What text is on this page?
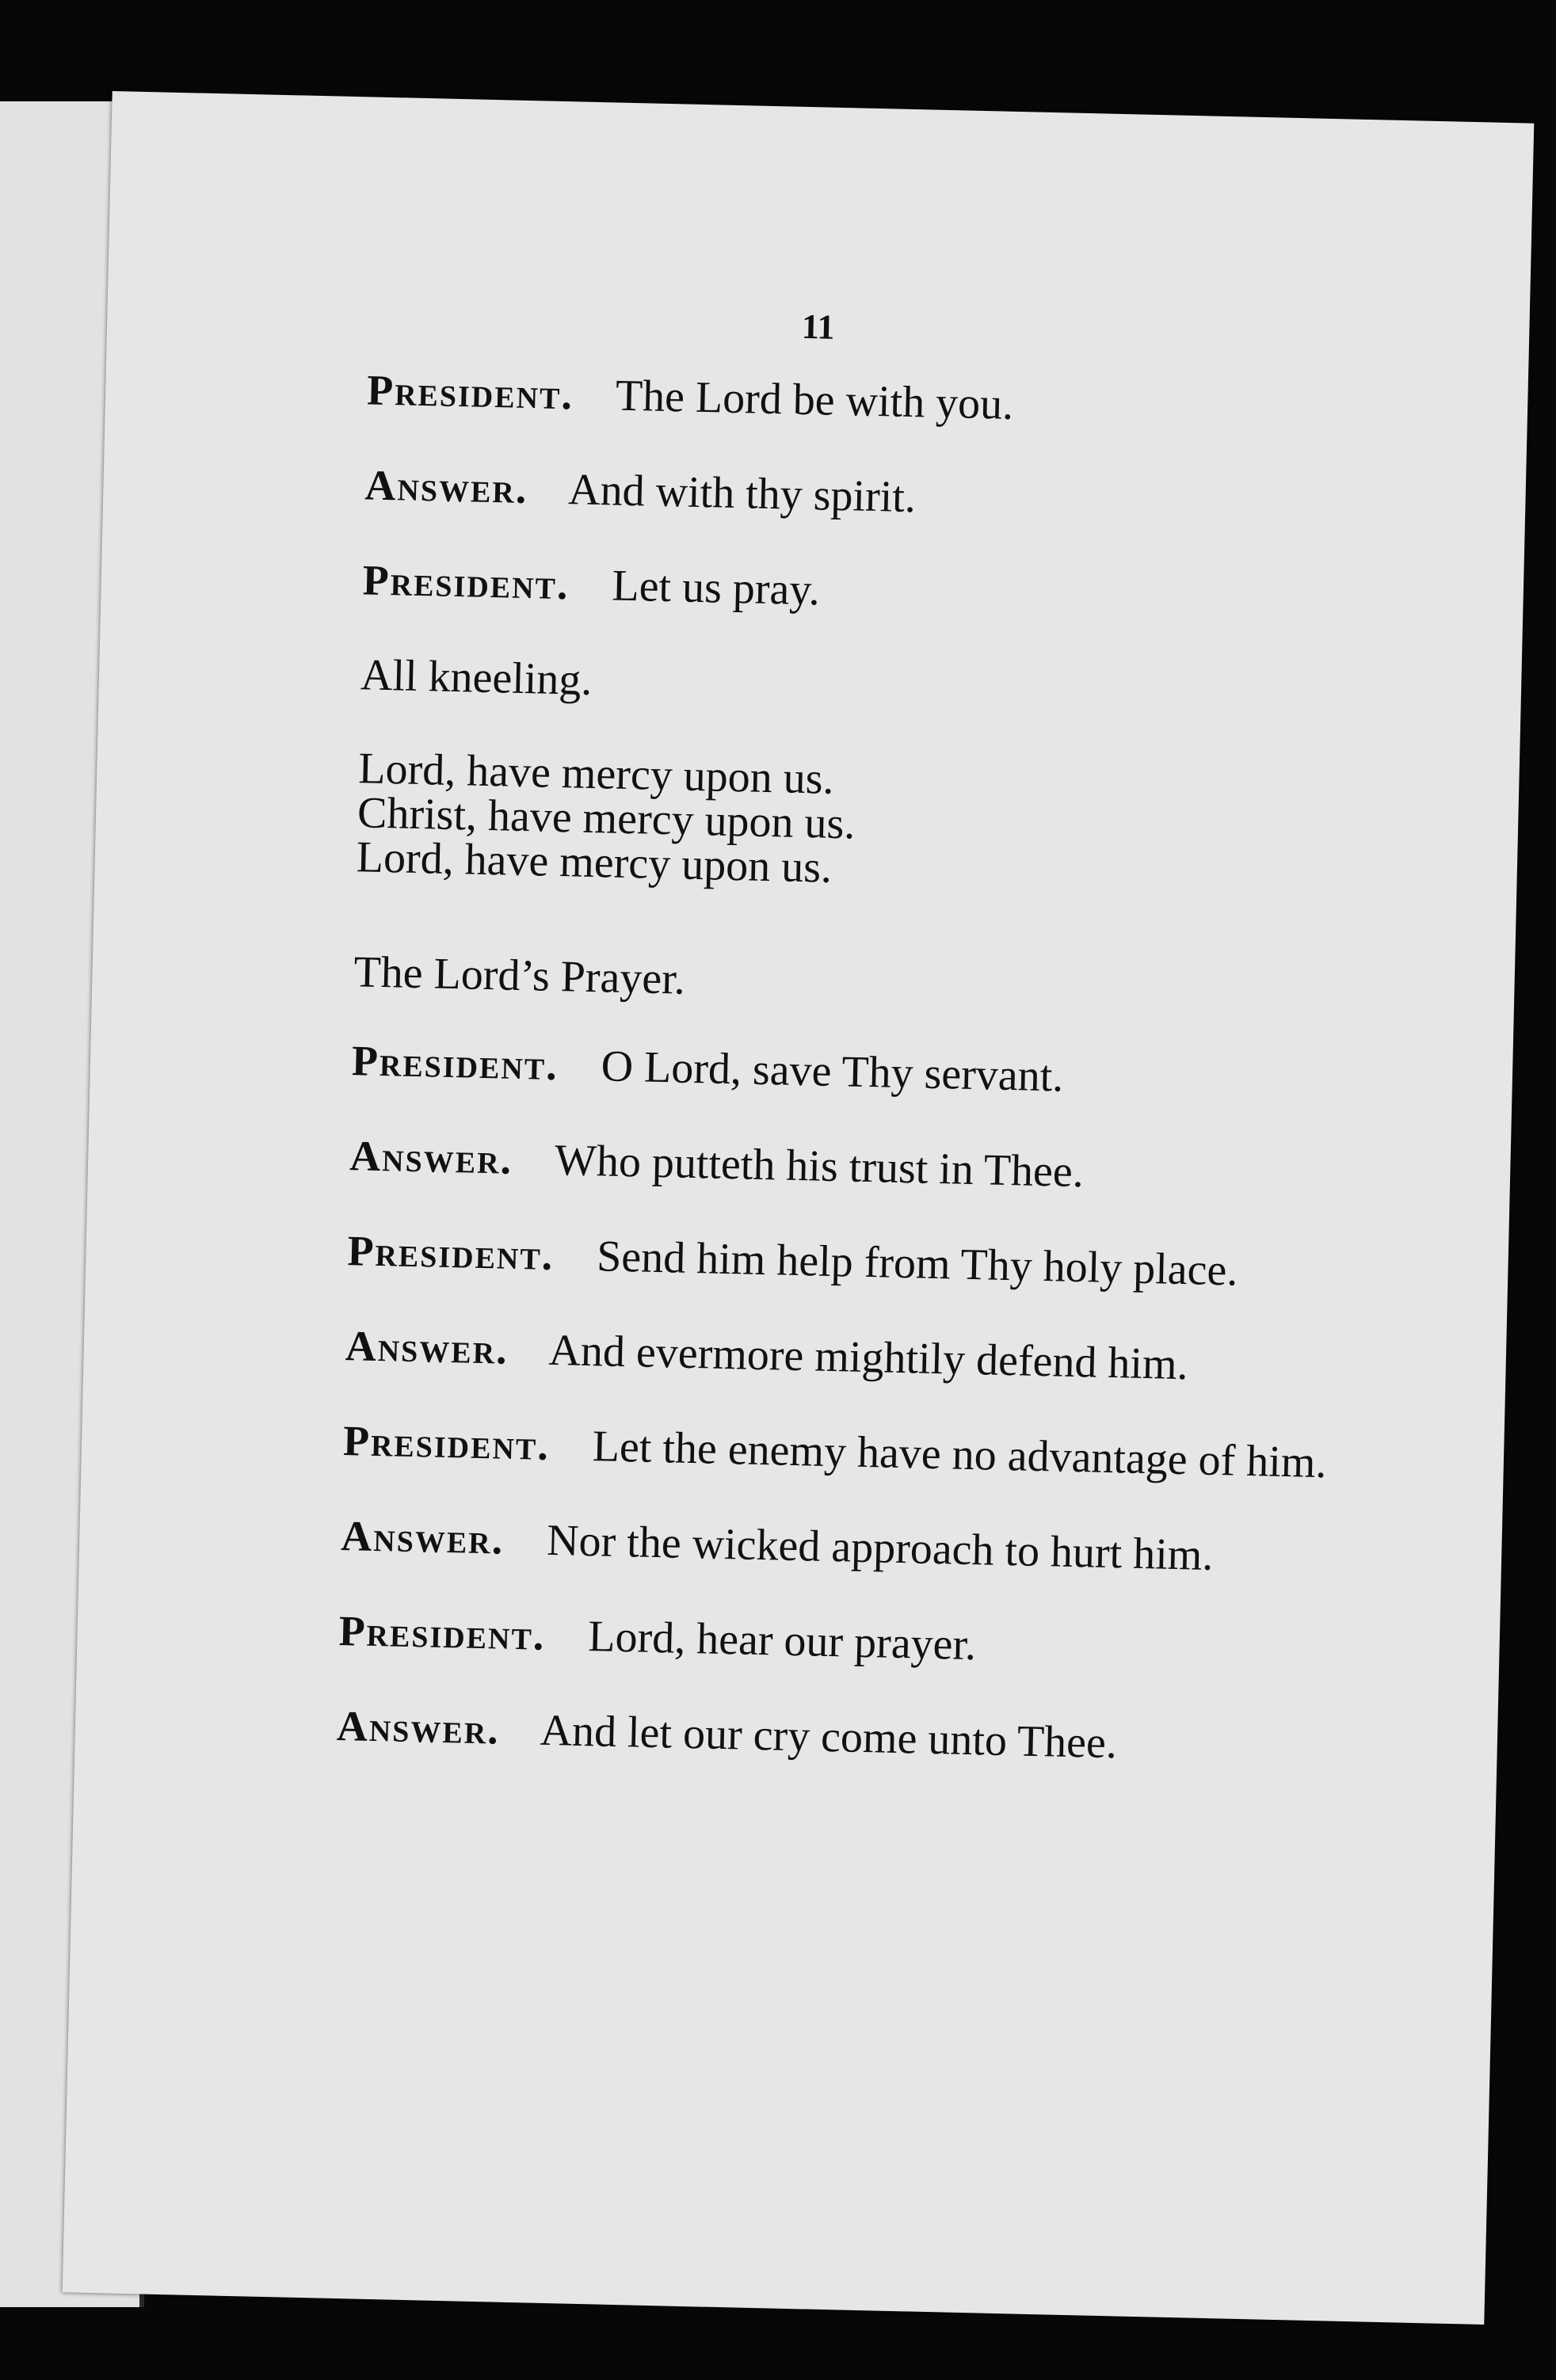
11

President. The Lord be with you.

Answer. And with thy spirit.

President. Let us pray.

All kneeling.

Lord, have mercy upon us.
Christ, have mercy upon us.
Lord, have mercy upon us.

The Lord’s Prayer.

President. O Lord, save Thy servant.

Answer. Who putteth his trust in Thee.

President. Send him help from Thy holy place.

Answer. And evermore mightily defend him.

President. Let the enemy have no advantage of him.

Answer. Nor the wicked approach to hurt him.

President. Lord, hear our prayer.

Answer. And let our cry come unto Thee.
